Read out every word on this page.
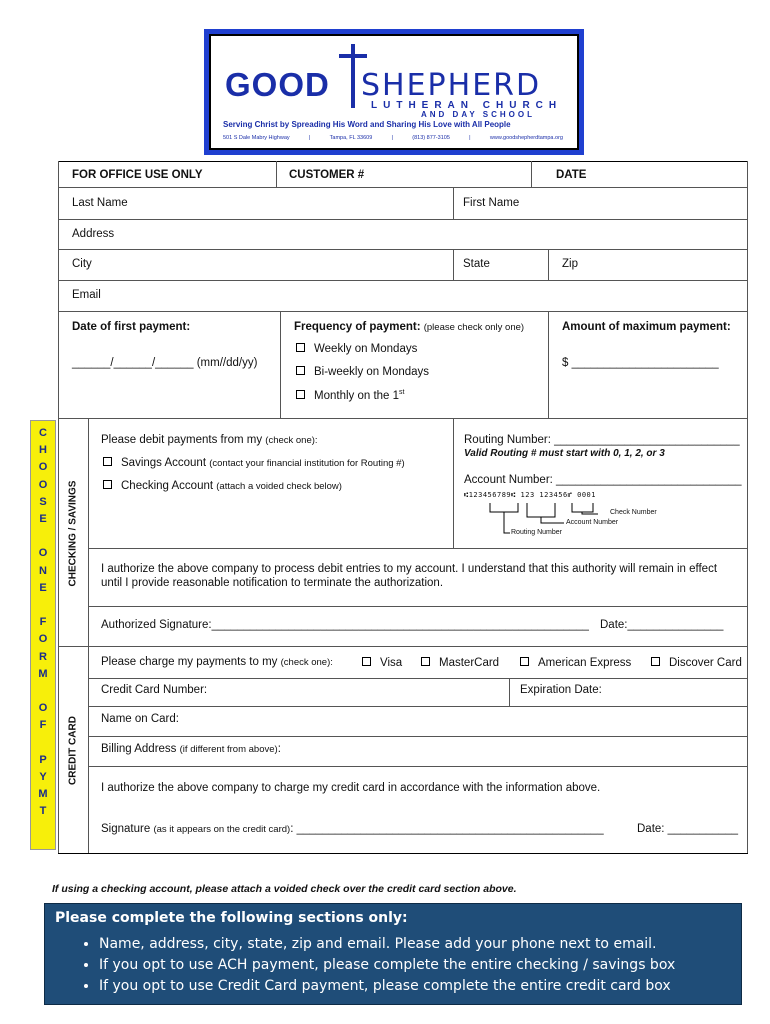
GOOD SHEPHERD
LUTHERAN CHURCH
AND DAY SCHOOL
Serving Christ by Spreading His Word and Sharing His Love with All People
501 S Dale Mabry Highway	|	Tampa, FL 33609	|	(813) 877-3105	|	www.goodshepherdtampa.org
FOR OFFICE USE ONLY	CUSTOMER #	DATE
Last Name	First Name
Address
City	State	Zip
Email
Date of first payment:
______/______/______ (mm//dd/yy)
Frequency of payment: (please check only one)
Weekly on Mondays
Bi-weekly on Mondays
Monthly on the 1st
Amount of maximum payment:
$ _______________________
C
H
O
O
S
E
O
N
E
F
O
R
M
O
F
P
Y
M
T
CHECKING / SAVINGS
CREDIT CARD
Please debit payments from my (check one):
Savings Account (contact your financial institution for Routing #)
Checking Account (attach a voided check below)
Routing Number: _____________________________
Valid Routing # must start with 0, 1, 2, or 3
Account Number: _____________________________
⑆123456789⑆ 123 123456⑈ 0001
Check Number
Account Number
Routing Number
I authorize the above company to process debit entries to my account. I understand that this authority will remain in effect
until I provide reasonable notification to terminate the authorization.
Authorized Signature:___________________________________________________________ Date:_______________
Please charge my payments to my (check one):	Visa	MasterCard	American Express	Discover Card
Credit Card Number:	Expiration Date:
Name on Card:
Billing Address (if different from above):
I authorize the above company to charge my credit card in accordance with the information above.
Signature (as it appears on the credit card): ________________________________________________	Date: ___________
If using a checking account, please attach a voided check over the credit card section above.
Please complete the following sections only:
• Name, address, city, state, zip and email. Please add your phone next to email.
• If you opt to use ACH payment, please complete the entire checking / savings box
• If you opt to use Credit Card payment, please complete the entire credit card box
